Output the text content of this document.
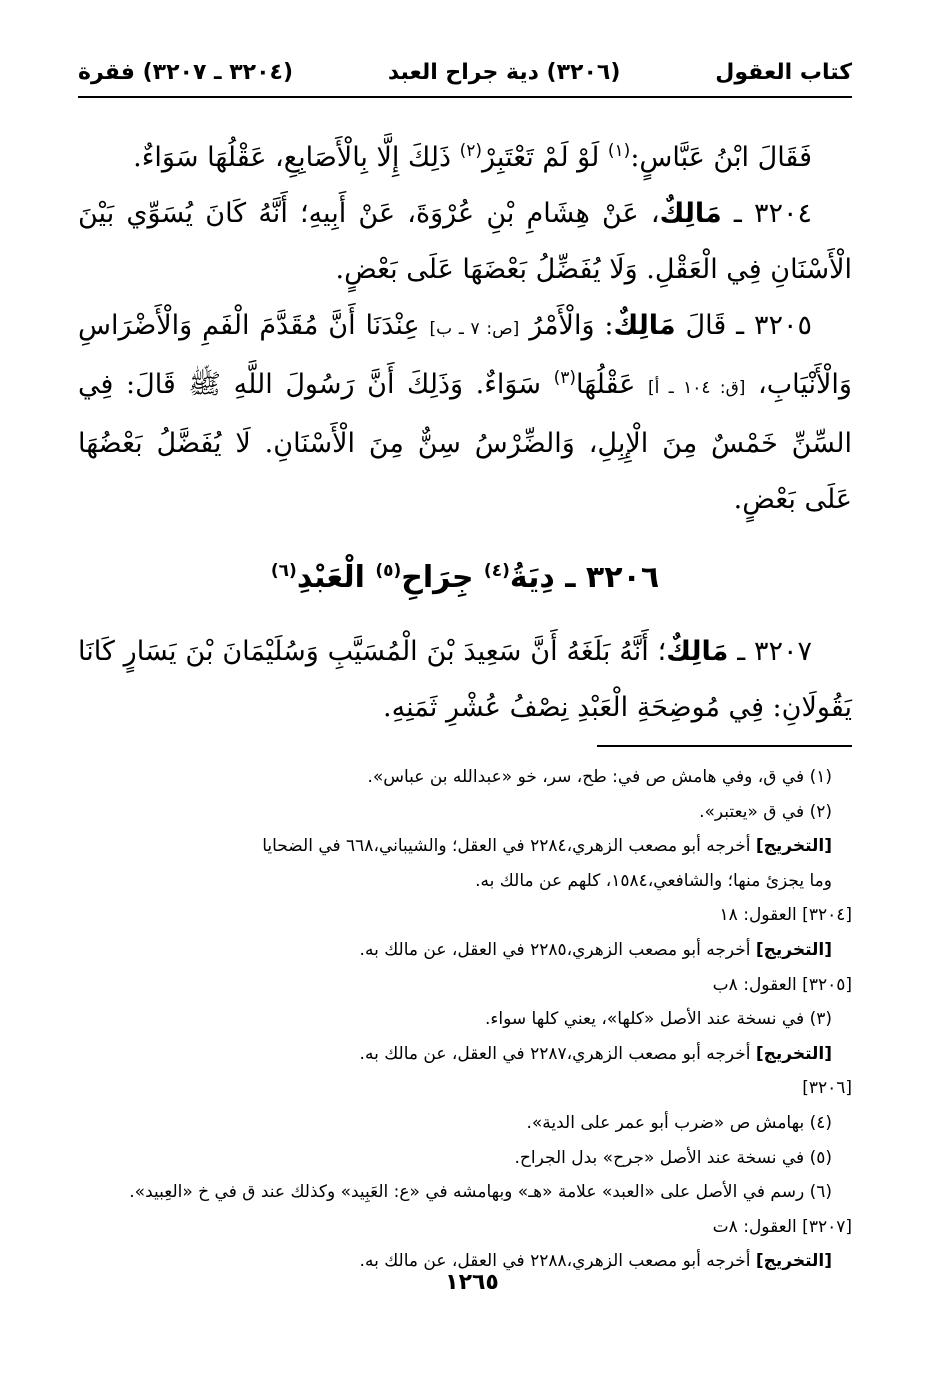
كتاب العقول
(٣٢٠٦) دية جراح العبد
(٣٢٠٤ ـ ٣٢٠٧) فقرة

فَقَالَ ابْنُ عَبَّاسٍ:$^{(١)}$ لَوْ لَمْ تَعْتَبِرْ$^{(٢)}$ ذَلِكَ إِلَّا بِالْأَصَابِعِ، عَقْلُهَا سَوَاءٌ.

٣٢٠٤ ـ مَالِكٌ، عَنْ هِشَامِ بْنِ عُرْوَةَ، عَنْ أَبِيهِ؛ أَنَّهُ كَانَ يُسَوِّي بَيْنَ الْأَسْنَانِ فِي الْعَقْلِ. وَلَا يُفَضِّلُ بَعْضَهَا عَلَى بَعْضٍ.

٣٢٠٥ ـ قَالَ مَالِكٌ: وَالْأَمْرُ [ص: ٧ ـ ب] عِنْدَنَا أَنَّ مُقَدَّمَ الْفَمِ وَالْأَضْرَاسِ وَالْأَنْيَابِ، [ق: ١٠٤ ـ أ] عَقْلُهَا$^{(٣)}$ سَوَاءٌ. وَذَلِكَ أَنَّ رَسُولَ اللَّهِ ﷺ قَالَ: فِي السِّنِّ خَمْسٌ مِنَ الْإِبِلِ، وَالضِّرْسُ سِنٌّ مِنَ الْأَسْنَانِ. لَا يُفَضَّلُ بَعْضُهَا عَلَى بَعْضٍ.

٣٢٠٦ ـ دِيَةُ$^{(٤)}$ جِرَاحِ$^{(٥)}$ الْعَبْدِ$^{(٦)}$

٣٢٠٧ ـ مَالِكٌ؛ أَنَّهُ بَلَغَهُ أَنَّ سَعِيدَ بْنَ الْمُسَيَّبِ وَسُلَيْمَانَ بْنَ يَسَارٍ كَانَا يَقُولَانِ: فِي مُوضِحَةِ الْعَبْدِ نِصْفُ عُشْرِ ثَمَنِهِ.

(١) في ق، وفي هامش ص في: طح، سر، خو «عبدالله بن عباس».

(٢) في ق «يعتبر».

[التخريج] أخرجه أبو مصعب الزهري،٢٢٨٤ في العقل؛ والشيباني،٦٦٨ في الضحايا

وما يجزئ منها؛ والشافعي،١٥٨٤، كلهم عن مالك به.

[٣٢٠٤] العقول: ١٨

[التخريج] أخرجه أبو مصعب الزهري،٢٢٨٥ في العقل، عن مالك به.

[٣٢٠٥] العقول: ٨ب

(٣) في نسخة عند الأصل «كلها»، يعني كلها سواء.

[التخريج] أخرجه أبو مصعب الزهري،٢٢٨٧ في العقل، عن مالك به.

[٣٢٠٦]

(٤) بهامش ص «ضرب أبو عمر على الدية».

(٥) في نسخة عند الأصل «جرح» بدل الجراح.

(٦) رسم في الأصل على «العبد» علامة «هـ» وبهامشه في «ع: العَبِيد» وكذلك عند ق في خ «العِبيد».

[٣٢٠٧] العقول: ٨ت

[التخريج] أخرجه أبو مصعب الزهري،٢٢٨٨ في العقل، عن مالك به.

١٢٦٥
